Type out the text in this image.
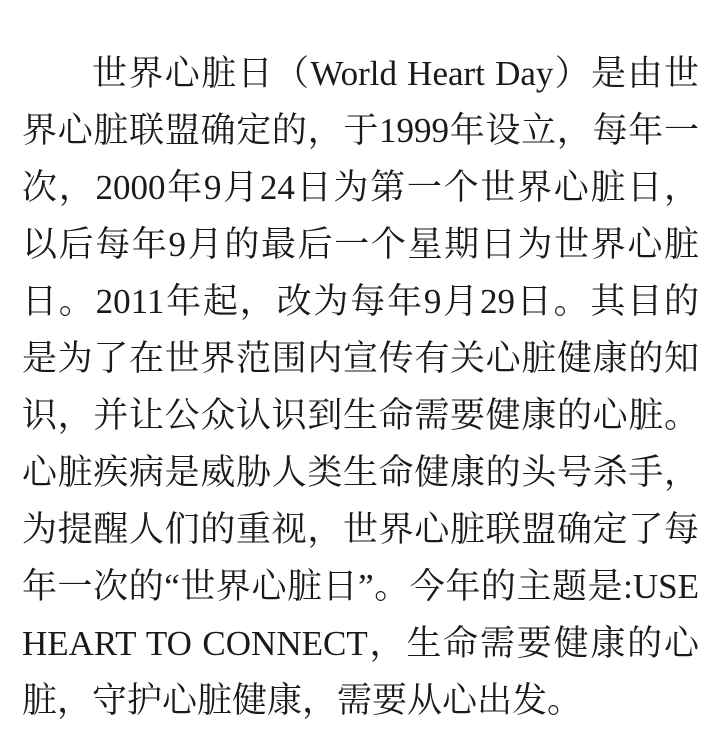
世界心脏日（World Heart Day）是由世界心脏联盟确定的，于1999年设立，每年一次，2000年9月24日为第一个世界心脏日，以后每年9月的最后一个星期日为世界心脏日。2011年起，改为每年9月29日。其目的是为了在世界范围内宣传有关心脏健康的知识，并让公众认识到生命需要健康的心脏。心脏疾病是威胁人类生命健康的头号杀手，为提醒人们的重视，世界心脏联盟确定了每年一次的“世界心脏日”。今年的主题是:USE HEART TO CONNECT，生命需要健康的心脏，守护心脏健康，需要从心出发。
